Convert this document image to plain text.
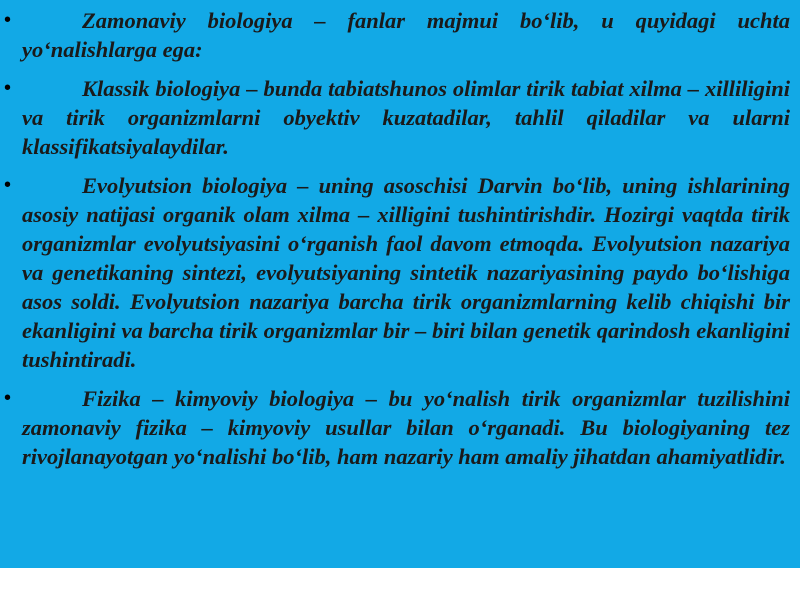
•	Zamonaviy biologiya – fanlar majmui bo‘lib, u quyidagi uchta yo‘nalishlarga ega:
•	Klassik biologiya – bunda tabiatshunos olimlar tirik tabiat xilma – xilliligini va tirik organizmlarni obyektiv kuzatadilar, tahlil qiladilar va ularni klassifikatsiyalaydilar.
•	Evolyutsion biologiya – uning asoschisi Darvin bo‘lib, uning ishlarining asosiy natijasi organik olam xilma – xilligini tushintirishdir. Hozirgi vaqtda tirik organizmlar evolyutsiyasini o‘rganish faol davom etmoqda. Evolyutsion nazariya va genetikaning sintezi, evolyutsiyaning sintetik nazariyasining paydo bo‘lishiga asos soldi. Evolyutsion nazariya barcha tirik organizmlarning kelib chiqishi bir ekanligini va barcha tirik organizmlar bir – biri bilan genetik qarindosh ekanligini tushintiradi.
•	Fizika – kimyoviy biologiya – bu yo‘nalish tirik organizmlar tuzilishini zamonaviy fizika – kimyoviy usullar bilan o‘rganadi. Bu biologiyaning tez rivojlanayotgan yo‘nalishi bo‘lib, ham nazariy ham amaliy jihatdan ahamiyatlidir.
